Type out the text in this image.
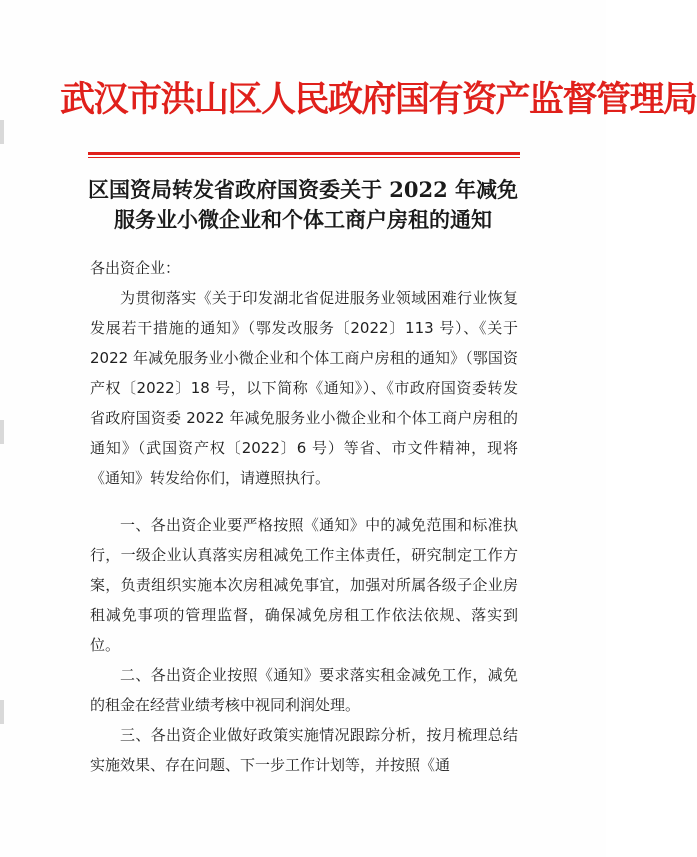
武汉市洪山区人民政府国有资产监督管理局
区国资局转发省政府国资委关于 2022 年减免
服务业小微企业和个体工商户房租的通知
各出资企业：

为贯彻落实《关于印发湖北省促进服务业领域困难行业恢复发展若干措施的通知》（鄂发改服务〔2022〕113 号）、《关于 2022 年减免服务业小微企业和个体工商户房租的通知》（鄂国资产权〔2022〕18 号，以下简称《通知》）、《市政府国资委转发省政府国资委 2022 年减免服务业小微企业和个体工商户房租的通知》（武国资产权〔2022〕6 号）等省、市文件精神，现将《通知》转发给你们，请遵照执行。

一、各出资企业要严格按照《通知》中的减免范围和标准执行，一级企业认真落实房租减免工作主体责任，研究制定工作方案，负责组织实施本次房租减免事宜，加强对所属各级子企业房租减免事项的管理监督，确保减免房租工作依法依规、落实到位。

二、各出资企业按照《通知》要求落实租金减免工作，减免的租金在经营业绩考核中视同利润处理。

三、各出资企业做好政策实施情况跟踪分析，按月梳理总结实施效果、存在问题、下一步工作计划等，并按照《通
